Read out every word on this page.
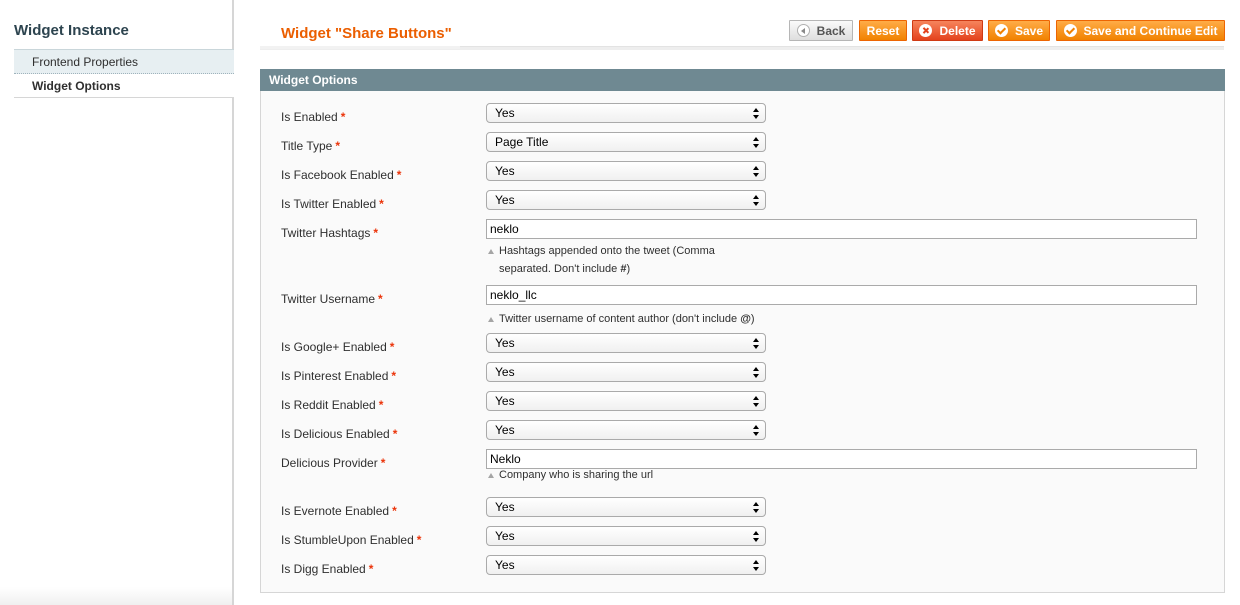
Widget Instance
Frontend Properties
Widget Options
Widget "Share Buttons"	Back Reset	Delete	Save	Save and Continue Edit
Widget Options
Is Enabled *	Yes
Title Type *	Page Title
Is Facebook Enabled *	Yes
Is Twitter Enabled *	Yes
Twitter Hashtags *
neklo
Hashtags appended onto the tweet (Comma
separated. Don't include #)
Twitter Username *
neklo_llc
Twitter username of content author (don't include @)
Is Google+ Enabled *	Yes
Is Pinterest Enabled *	Yes
Is Reddit Enabled *	Yes
Is Delicious Enabled *	Yes
Delicious Provider *
Neklo
Company who is sharing the url
Is Evernote Enabled *	Yes
Is StumbleUpon Enabled *	Yes
Is Digg Enabled *	Yes
